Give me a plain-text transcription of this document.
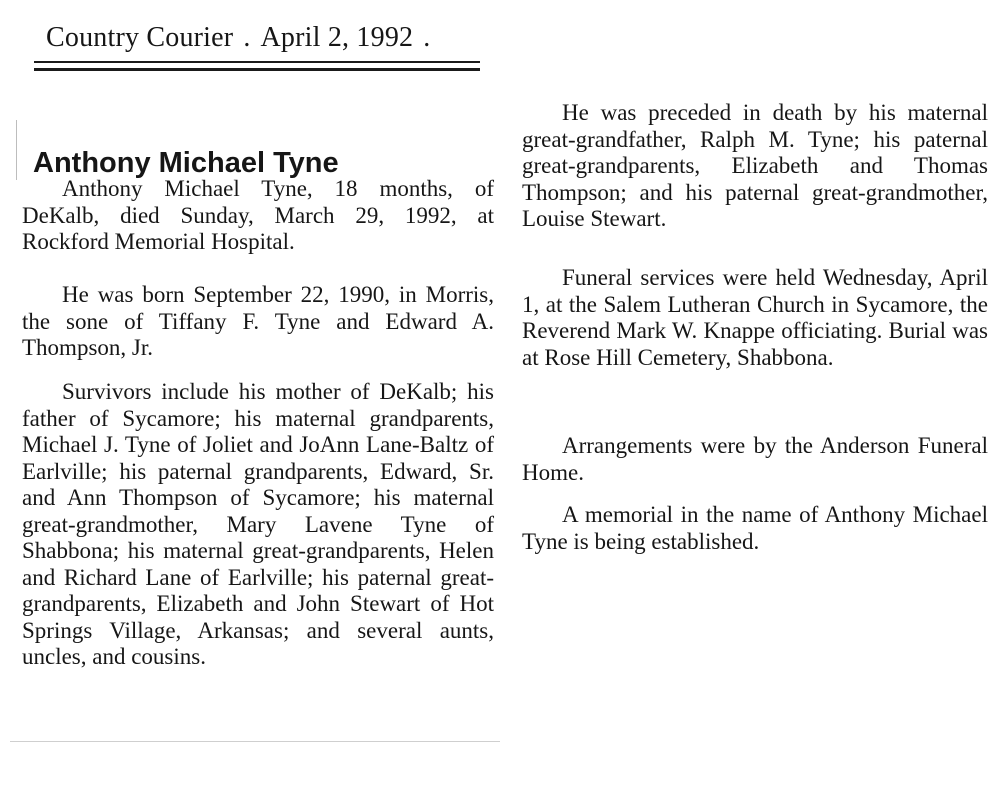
Country Courier . April 2, 1992 .
Anthony Michael Tyne

Anthony Michael Tyne, 18 months, of DeKalb, died Sunday, March 29, 1992, at Rockford Memorial Hospital.

He was born September 22, 1990, in Morris, the sone of Tiffany F. Tyne and Edward A. Thompson, Jr.

Survivors include his mother of DeKalb; his father of Sycamore; his maternal grandparents, Michael J. Tyne of Joliet and JoAnn Lane-Baltz of Earlville; his paternal grandparents, Edward, Sr. and Ann Thompson of Sycamore; his maternal great-grandmother, Mary Lavene Tyne of Shabbona; his maternal great-grandparents, Helen and Richard Lane of Earlville; his paternal great-grandparents, Elizabeth and John Stewart of Hot Springs Village, Arkansas; and several aunts, uncles, and cousins.

He was preceded in death by his maternal great-grandfather, Ralph M. Tyne; his paternal great-grandparents, Elizabeth and Thomas Thompson; and his paternal great-grandmother, Louise Stewart.

Funeral services were held Wednesday, April 1, at the Salem Lutheran Church in Sycamore, the Reverend Mark W. Knappe officiating. Burial was at Rose Hill Cemetery, Shabbona.

Arrangements were by the Anderson Funeral Home.

A memorial in the name of Anthony Michael Tyne is being established.
